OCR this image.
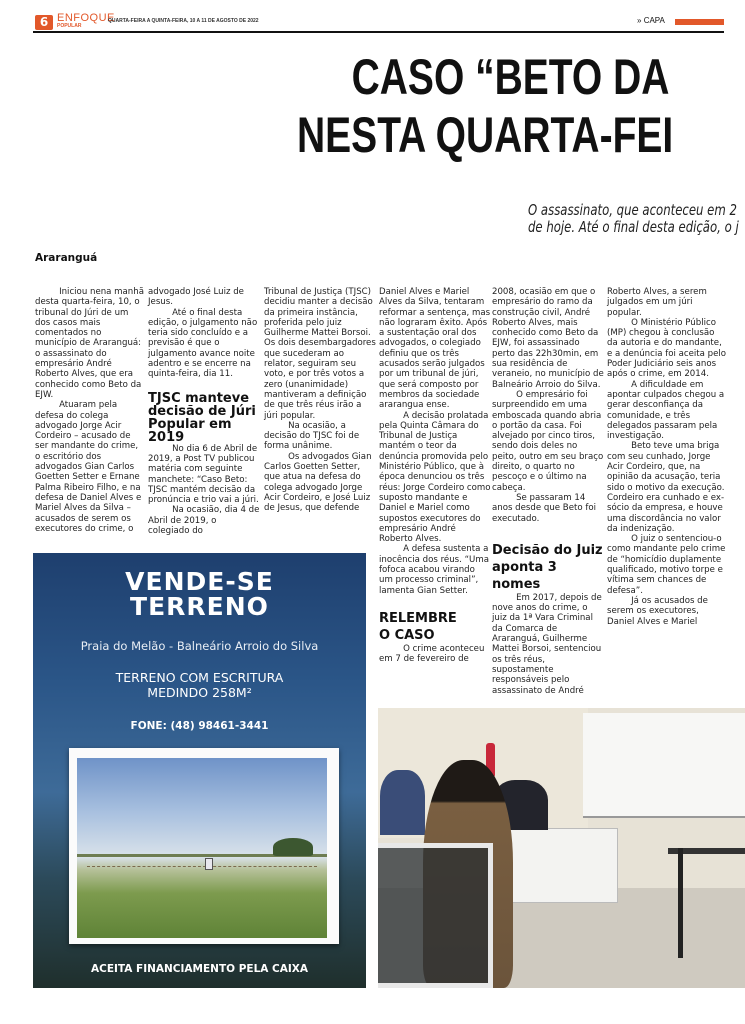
6 ENFOQUE
POPULAR
QUARTA-FEIRA A QUINTA-FEIRA, 10 A 11 DE AGOSTO DE 2022	» CAPA
CASO “BETO DA
NESTA QUARTA-FEI
O assassinato, que aconteceu em 2
de hoje. Até o final desta edição, o j
Araranguá

Iniciou nena manhã desta quarta-feira, 10, o tribunal do Júri de um dos casos mais comentados no município de Araranguá: o assassinato do empresário André Roberto Alves, que era conhecido como Beto da EJW.

Atuaram pela defesa do colega advogado Jorge Acir Cordeiro – acusado de ser mandante do crime, o escritório dos advogados Gian Carlos Goetten Setter e Ernane Palma Ribeiro Filho, e na defesa de Daniel Alves e Mariel Alves da Silva – acusados de serem os executores do crime, o

advogado José Luiz de Jesus.

Até o final desta edição, o julgamento não teria sido concluído e a previsão é que o julgamento avance noite adentro e se encerre na quinta-feira, dia 11.

TJSC manteve decisão de Júri Popular em 2019

No dia 6 de Abril de 2019, a Post TV publicou matéria com seguinte manchete: “Caso Beto: TJSC mantém decisão da pronúncia e trio vai a júri.

Na ocasião, dia 4 de Abril de 2019, o colegiado do

Tribunal de Justiça (TJSC) decidiu manter a decisão da primeira instância, proferida pelo juiz Guilherme Mattei Borsoi. Os dois desembargadores que sucederam ao relator, seguiram seu voto, e por três votos a zero (unanimidade) mantiveram a definição de que três réus irão a júri popular.

Na ocasião, a decisão do TJSC foi de forma unânime.

Os advogados Gian Carlos Goetten Setter, que atua na defesa do colega advogado Jorge Acir Cordeiro, e José Luiz de Jesus, que defende

Daniel Alves e Mariel Alves da Silva, tentaram reformar a sentença, mas não lograram êxito. Após a sustentação oral dos advogados, o colegiado definiu que os três acusados serão julgados por um tribunal de júri, que será composto por membros da sociedade ararangua ense.

A decisão prolatada pela Quinta Câmara do Tribunal de Justiça mantém o teor da denúncia promovida pelo Ministério Público, que à época denunciou os três réus: Jorge Cordeiro como suposto mandante e Daniel e Mariel como supostos executores do empresário André Roberto Alves.

A defesa sustenta a inocência dos réus. “Uma fofoca acabou virando um processo criminal”, lamenta Gian Setter.

RELEMBRE O CASO

O crime aconteceu em 7 de fevereiro de

2008, ocasião em que o empresário do ramo da construção civil, André Roberto Alves, mais conhecido como Beto da EJW, foi assassinado perto das 22h30min, em sua residência de veraneio, no município de Balneário Arroio do Silva.

O empresário foi surpreendido em uma emboscada quando abria o portão da casa. Foi alvejado por cinco tiros, sendo dois deles no peito, outro em seu braço direito, o quarto no pescoço e o último na cabeça.

Se passaram 14 anos desde que Beto foi executado.

Decisão do Juiz aponta 3 nomes

Em 2017, depois de nove anos do crime, o juiz da 1ª Vara Criminal da Comarca de Araranguá, Guilherme Mattei Borsoi, sentenciou os três réus, supostamente responsáveis pelo assassinato de André

Roberto Alves, a serem julgados em um júri popular.

O Ministério Público (MP) chegou à conclusão da autoria e do mandante, e a denúncia foi aceita pelo Poder Judiciário seis anos após o crime, em 2014.

A dificuldade em apontar culpados chegou a gerar desconfiança da comunidade, e três delegados passaram pela investigação.

Beto teve uma briga com seu cunhado, Jorge Acir Cordeiro, que, na opinião da acusação, teria sido o motivo da execução. Cordeiro era cunhado e ex-sócio da empresa, e houve uma discordância no valor da indenização.

O juiz o sentenciou-o como mandante pelo crime de “homicídio duplamente qualificado, motivo torpe e vítima sem chances de defesa”.

Já os acusados de serem os executores, Daniel Alves e Mariel

VENDE-SE
TERRENO
Praia do Melão - Balneário Arroio do Silva
TERRENO COM ESCRITURA
MEDINDO 258M²
FONE: (48) 98461-3441
ACEITA FINANCIAMENTO PELA CAIXA
